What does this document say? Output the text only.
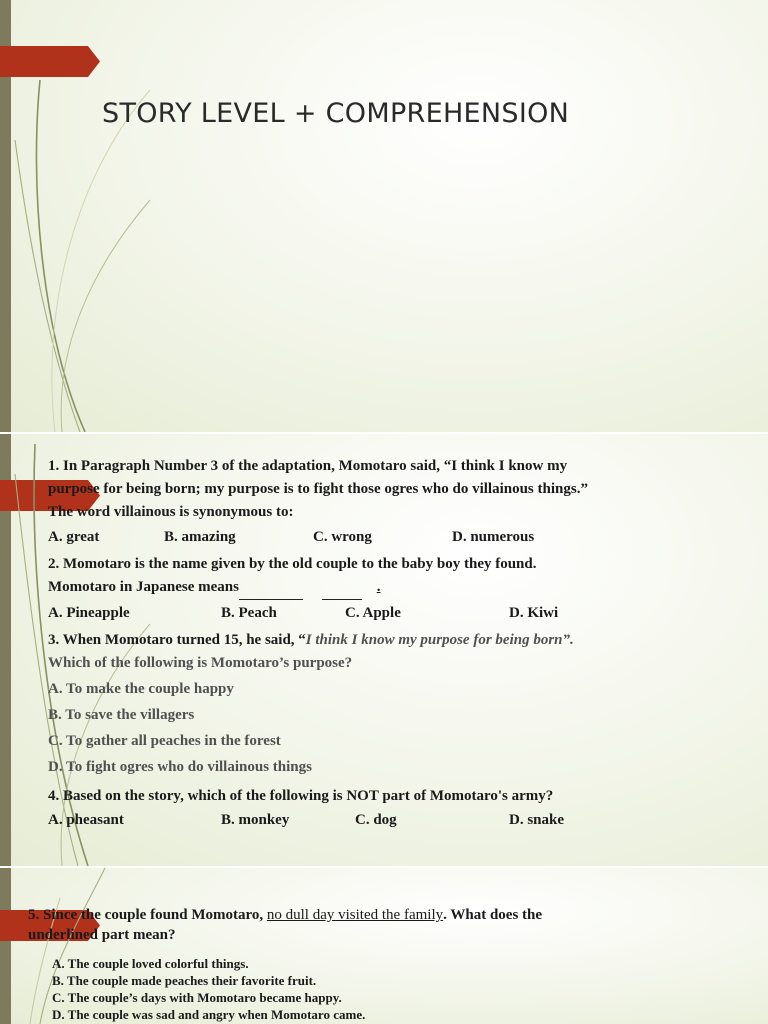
STORY LEVEL + COMPREHENSION

1. In Paragraph Number 3 of the adaptation, Momotaro said, “I think I know my purpose for being born; my purpose is to fight those ogres who do villainous things.” The word villainous is synonymous to:

A. great	B. amazing	C. wrong	D. numerous

2. Momotaro is the name given by the old couple to the baby boy they found.
Momotaro in Japanese means	.

A. Pineapple	B. Peach	C. Apple	D. Kiwi

3. When Momotaro turned 15, he said, “I think I know my purpose for being born”. Which of the following is Momotaro’s purpose?

A. To make the couple happy
B. To save the villagers
C. To gather all peaches in the forest
D. To fight ogres who do villainous things

4. Based on the story, which of the following is NOT part of Momotaro's army?

A. pheasant	B. monkey	C. dog	D. snake

5. Since the couple found Momotaro, no dull day visited the family. What does the underlined part mean?

A. The couple loved colorful things.
B. The couple made peaches their favorite fruit.
C. The couple’s days with Momotaro became happy.
D. The couple was sad and angry when Momotaro came.
